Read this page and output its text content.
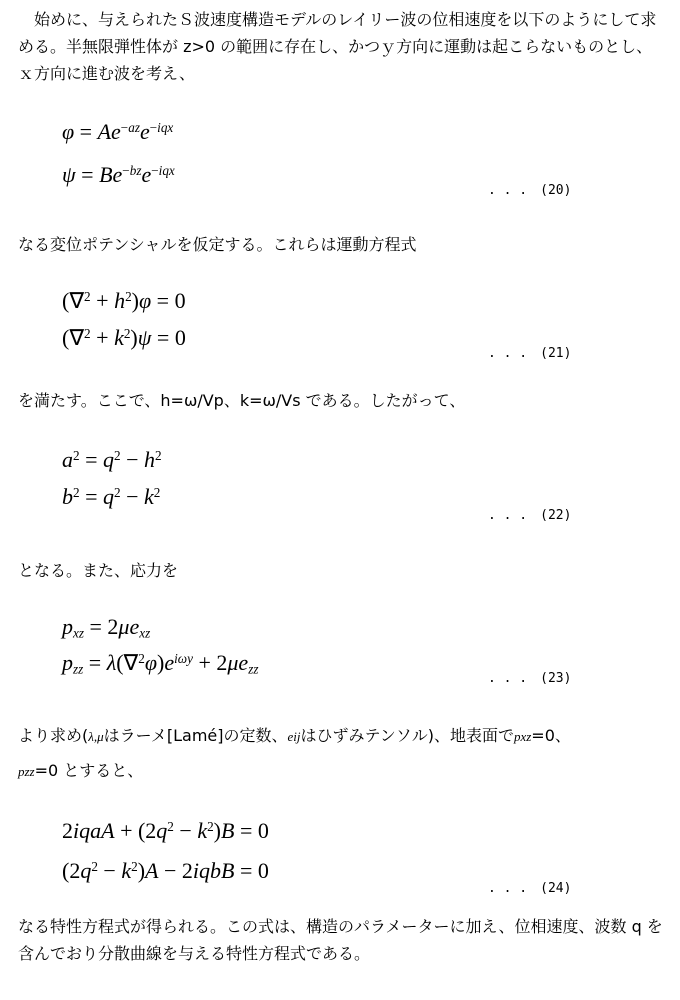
　始めに、与えられたＳ波速度構造モデルのレイリー波の位相速度を以下のようにして求める。半無限弾性体が z>0 の範囲に存在し、かつｙ方向に運動は起こらないものとし、ｘ方向に進む波を考え、
$\varphi = Ae^{-az}e^{-iqx}$
$\psi = Be^{-bz}e^{-iqx}$
. . .　(20)
なる変位ポテンシャルを仮定する。これらは運動方程式
$(\nabla^2 + h^2)\varphi = 0$
$(\nabla^2 + k^2)\psi = 0$
. . .　(21)
を満たす。ここで、h=ω/Vp、k=ω/Vs である。したがって、
$a^2 = q^2 - h^2$
$b^2 = q^2 - k^2$
. . .　(22)
となる。また、応力を
$p_{xz} = 2\mu e_{xz}$
$p_{zz} = \lambda(\nabla^2\varphi)e^{i\omega y} + 2\mu e_{zz}$
. . .　(23)
より求め(λ,μはラーメ[Lamé]の定数、eijはひずみテンソル)、地表面でpxz=0、
pzz=0 とすると、
2iqaA + $(2q^2 - k^2)B = 0$
$(2q^2 - k^2)A$ − 2iqbB = 0
. . .　(24)
なる特性方程式が得られる。この式は、構造のパラメーターに加え、位相速度、波数 q を含んでおり分散曲線を与える特性方程式である。
